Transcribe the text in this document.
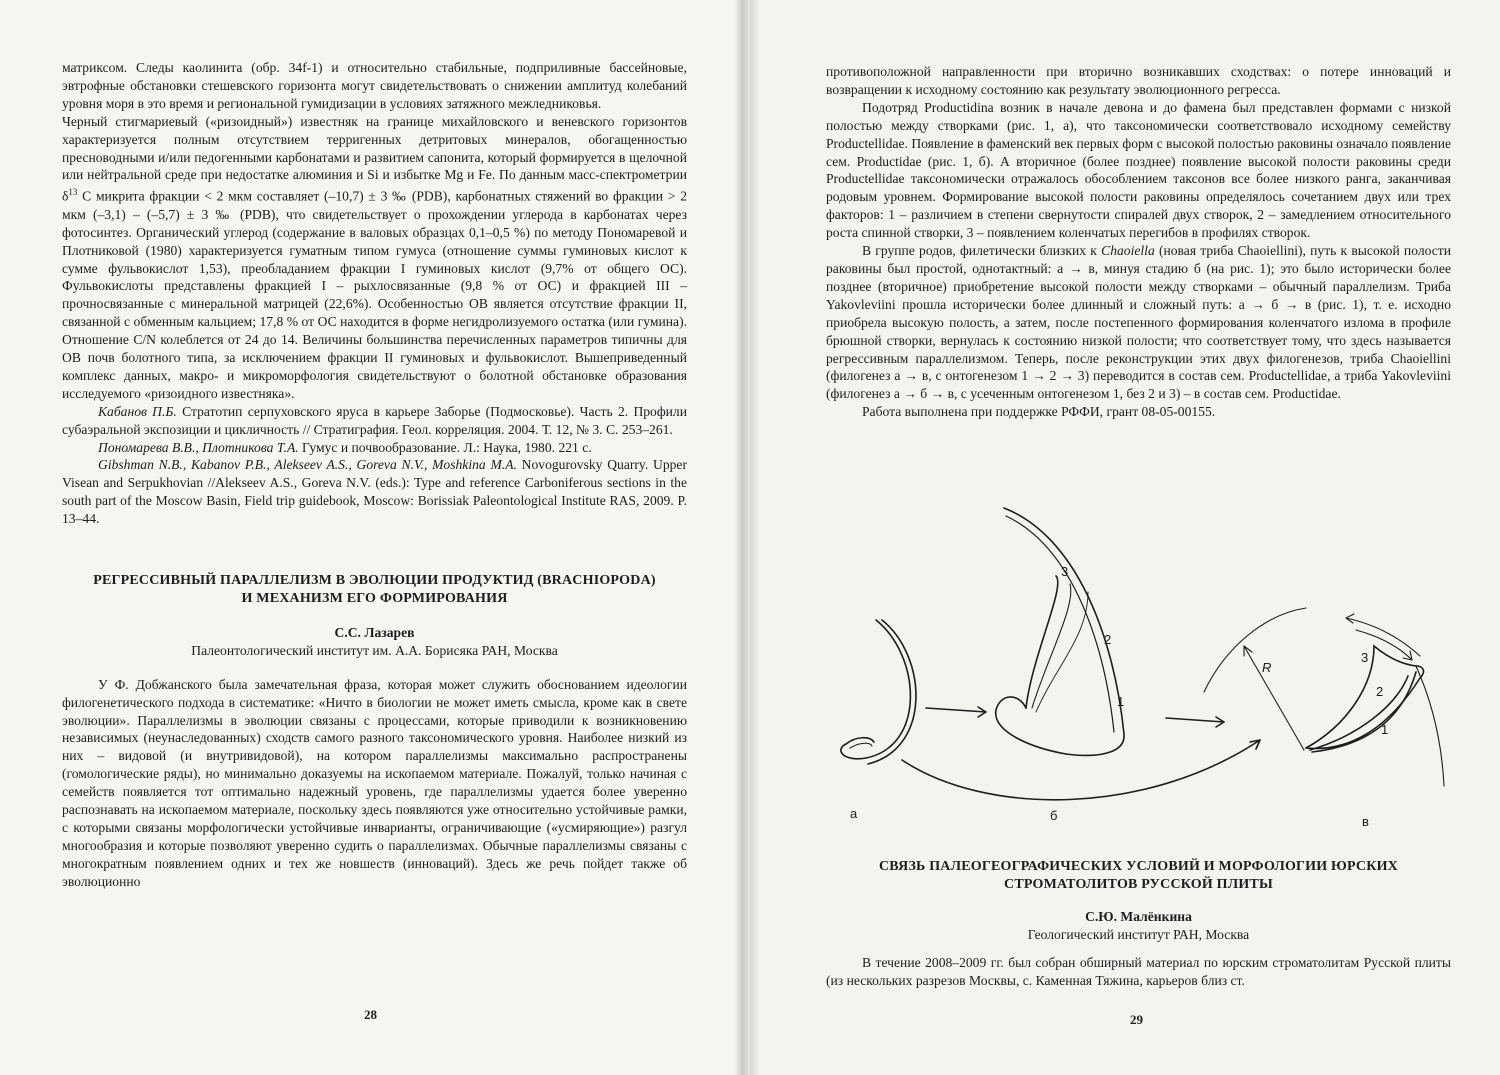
матриксом. Следы каолинита (обр. 34f-1) и относительно стабильные, подприливные бассейновые, эвтрофные обстановки стешевского горизонта могут свидетельствовать о снижении амплитуд колебаний уровня моря в это время и региональной гумидизации в условиях затяжного межледниковья.

Черный стигмариевый («ризоидный») известняк на границе михайловского и веневского горизонтов характеризуется полным отсутствием терригенных детритовых минералов, обогащенностью пресноводными и/или педогенными карбонатами и развитием сапонита, который формируется в щелочной или нейтральной среде при недостатке алюминия и Si и избытке Mg и Fe. По данным масс-спектрометрии $\delta^{13}$ С микрита фракции < 2 мкм составляет (–10,7) ± 3 ‰ (PDB), карбонатных стяжений во фракции > 2 мкм (–3,1) – (–5,7) ± 3 ‰ (PDB), что свидетельствует о прохождении углерода в карбонатах через фотосинтез. Органический углерод (содержание в валовых образцах 0,1–0,5 %) по методу Пономаревой и Плотниковой (1980) характеризуется гуматным типом гумуса (отношение суммы гуминовых кислот к сумме фульвокислот 1,53), преобладанием фракции I гуминовых кислот (9,7% от общего ОС). Фульвокислоты представлены фракцией I – рыхлосвязанные (9,8 % от ОС) и фракцией III – прочносвязанные с минеральной матрицей (22,6%). Особенностью ОВ является отсутствие фракции II, связанной с обменным кальцием; 17,8 % от ОС находится в форме негидролизуемого остатка (или гумина). Отношение C/N колеблется от 24 до 14. Величины большинства перечисленных параметров типичны для ОВ почв болотного типа, за исключением фракции II гуминовых и фульвокислот. Вышеприведенный комплекс данных, макро- и микроморфология свидетельствуют о болотной обстановке образования исследуемого «ризоидного известняка».

Кабанов П.Б. Стратотип серпуховского яруса в карьере Заборье (Подмосковье). Часть 2. Профили субаэральной экспозиции и цикличность // Стратиграфия. Геол. корреляция. 2004. Т. 12, № 3. С. 253–261.

Пономарева В.В., Плотникова Т.А. Гумус и почвообразование. Л.: Наука, 1980. 221 с.

Gibshman N.B., Kabanov P.B., Alekseev A.S., Goreva N.V., Moshkina M.A. Novogurovsky Quarry. Upper Visean and Serpukhovian //Alekseev A.S., Goreva N.V. (eds.): Type and reference Carboniferous sections in the south part of the Moscow Basin, Field trip guidebook, Moscow: Borissiak Paleontological Institute RAS, 2009. P. 13–44.

РЕГРЕССИВНЫЙ ПАРАЛЛЕЛИЗМ В ЭВОЛЮЦИИ ПРОДУКТИД (BRACHIOPODA)
И МЕХАНИЗМ ЕГО ФОРМИРОВАНИЯ

С.С. Лазарев

Палеонтологический институт им. А.А. Борисяка РАН, Москва

У Ф. Добжанского была замечательная фраза, которая может служить обоснованием идеологии филогенетического подхода в систематике: «Ничто в биологии не может иметь смысла, кроме как в свете эволюции». Параллелизмы в эволюции связаны с процессами, которые приводили к возникновению независимых (неунаследованных) сходств самого разного таксономического уровня. Наиболее низкий из них – видовой (и внутривидовой), на котором параллелизмы максимально распространены (гомологические ряды), но минимально доказуемы на ископаемом материале. Пожалуй, только начиная с семейств появляется тот оптимально надежный уровень, где параллелизмы удается более уверенно распознавать на ископаемом материале, поскольку здесь появляются уже относительно устойчивые рамки, с которыми связаны морфологически устойчивые инварианты, ограничивающие («усмиряющие») разгул многообразия и которые позволяют уверенно судить о параллелизмах. Обычные параллелизмы связаны с многократным появлением одних и тех же новшеств (инноваций). Здесь же речь пойдет также об эволюционно

28

противоположной направленности при вторично возникавших сходствах: о потере инноваций и возвращении к исходному состоянию как результату эволюционного регресса.

Подотряд Productidina возник в начале девона и до фамена был представлен формами с низкой полостью между створками (рис. 1, а), что таксономически соответствовало исходному семейству Productellidae. Появление в фаменский век первых форм с высокой полостью раковины означало появление сем. Productidae (рис. 1, б). А вторичное (более позднее) появление высокой полости раковины среди Productellidae таксономически отражалось обособлением таксонов все более низкого ранга, заканчивая родовым уровнем. Формирование высокой полости раковины определялось сочетанием двух или трех факторов: 1 – различием в степени свернутости спиралей двух створок, 2 – замедлением относительного роста спинной створки, 3 – появлением коленчатых перегибов в профилях створок.

В группе родов, филетически близких к Chaoiella (новая триба Chaoiellini), путь к высокой полости раковины был простой, однотактный: а → в, минуя стадию б (на рис. 1); это было исторически более позднее (вторичное) приобретение высокой полости между створками – обычный параллелизм. Триба Yakovleviini прошла исторически более длинный и сложный путь: а → б → в (рис. 1), т. е. исходно приобрела высокую полость, а затем, после постепенного формирования коленчатого излома в профиле брюшной створки, вернулась к состоянию низкой полости; что соответствует тому, что здесь называется регрессивным параллелизмом. Теперь, после реконструкции этих двух филогенезов, триба Chaoiellini (филогенез а → в, с онтогенезом 1 → 2 → 3) переводится в состав сем. Productellidae, а триба Yakovleviini (филогенез а → б → в, с усеченным онтогенезом 1, без 2 и 3) – в состав сем. Productidae.

Работа выполнена при поддержке РФФИ, грант 08-05-00155.

3
2
1
R
3
2
1
а	б	в

СВЯЗЬ ПАЛЕОГЕОГРАФИЧЕСКИХ УСЛОВИЙ И МОРФОЛОГИИ ЮРСКИХ
СТРОМАТОЛИТОВ РУССКОЙ ПЛИТЫ

С.Ю. Малёнкина

Геологический институт РАН, Москва

В течение 2008–2009 гг. был собран обширный материал по юрским строматолитам Русской плиты (из нескольких разрезов Москвы, с. Каменная Тяжина, карьеров близ ст.

29
